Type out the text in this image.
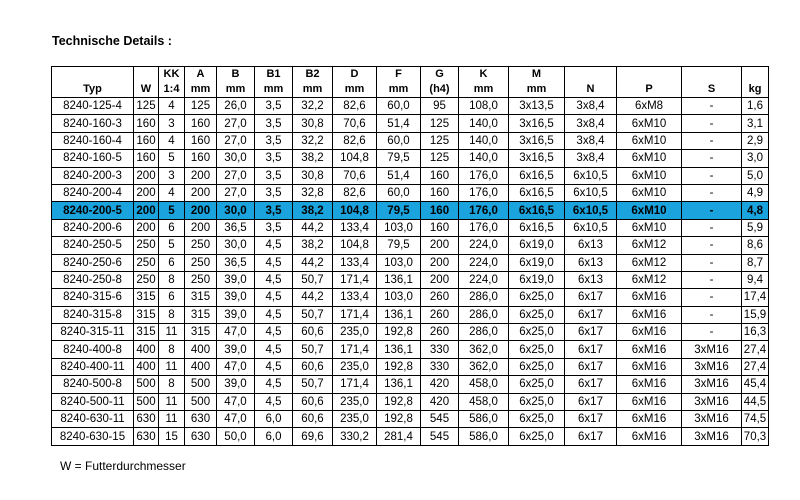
Technische Details :
		KK	A	B	B1	B2	D	F	G	K	M				
Typ	W	1:4	mm	mm	mm	mm	mm	mm	(h4)	mm	mm	N	P	S	kg
8240-125-4	125	4	125	26,0	3,5	32,2	82,6	60,0	95	108,0	3x13,5	3x8,4	6xM8	-	1,6
8240-160-3	160	3	160	27,0	3,5	30,8	70,6	51,4	125	140,0	3x16,5	3x8,4	6xM10	-	3,1
8240-160-4	160	4	160	27,0	3,5	32,2	82,6	60,0	125	140,0	3x16,5	3x8,4	6xM10	-	2,9
8240-160-5	160	5	160	30,0	3,5	38,2	104,8	79,5	125	140,0	3x16,5	3x8,4	6xM10	-	3,0
8240-200-3	200	3	200	27,0	3,5	30,8	70,6	51,4	160	176,0	6x16,5	6x10,5	6xM10	-	5,0
8240-200-4	200	4	200	27,0	3,5	32,8	82,6	60,0	160	176,0	6x16,5	6x10,5	6xM10	-	4,9
8240-200-5	200	5	200	30,0	3,5	38,2	104,8	79,5	160	176,0	6x16,5	6x10,5	6xM10	-	4,8
8240-200-6	200	6	200	36,5	3,5	44,2	133,4	103,0	160	176,0	6x16,5	6x10,5	6xM10	-	5,9
8240-250-5	250	5	250	30,0	4,5	38,2	104,8	79,5	200	224,0	6x19,0	6x13	6xM12	-	8,6
8240-250-6	250	6	250	36,5	4,5	44,2	133,4	103,0	200	224,0	6x19,0	6x13	6xM12	-	8,7
8240-250-8	250	8	250	39,0	4,5	50,7	171,4	136,1	200	224,0	6x19,0	6x13	6xM12	-	9,4
8240-315-6	315	6	315	39,0	4,5	44,2	133,4	103,0	260	286,0	6x25,0	6x17	6xM16	-	17,4
8240-315-8	315	8	315	39,0	4,5	50,7	171,4	136,1	260	286,0	6x25,0	6x17	6xM16	-	15,9
8240-315-11	315	11	315	47,0	4,5	60,6	235,0	192,8	260	286,0	6x25,0	6x17	6xM16	-	16,3
8240-400-8	400	8	400	39,0	4,5	50,7	171,4	136,1	330	362,0	6x25,0	6x17	6xM16	3xM16	27,4
8240-400-11	400	11	400	47,0	4,5	60,6	235,0	192,8	330	362,0	6x25,0	6x17	6xM16	3xM16	27,4
8240-500-8	500	8	500	39,0	4,5	50,7	171,4	136,1	420	458,0	6x25,0	6x17	6xM16	3xM16	45,4
8240-500-11	500	11	500	47,0	4,5	60,6	235,0	192,8	420	458,0	6x25,0	6x17	6xM16	3xM16	44,5
8240-630-11	630	11	630	47,0	6,0	60,6	235,0	192,8	545	586,0	6x25,0	6x17	6xM16	3xM16	74,5
8240-630-15	630	15	630	50,0	6,0	69,6	330,2	281,4	545	586,0	6x25,0	6x17	6xM16	3xM16	70,3
W = Futterdurchmesser
